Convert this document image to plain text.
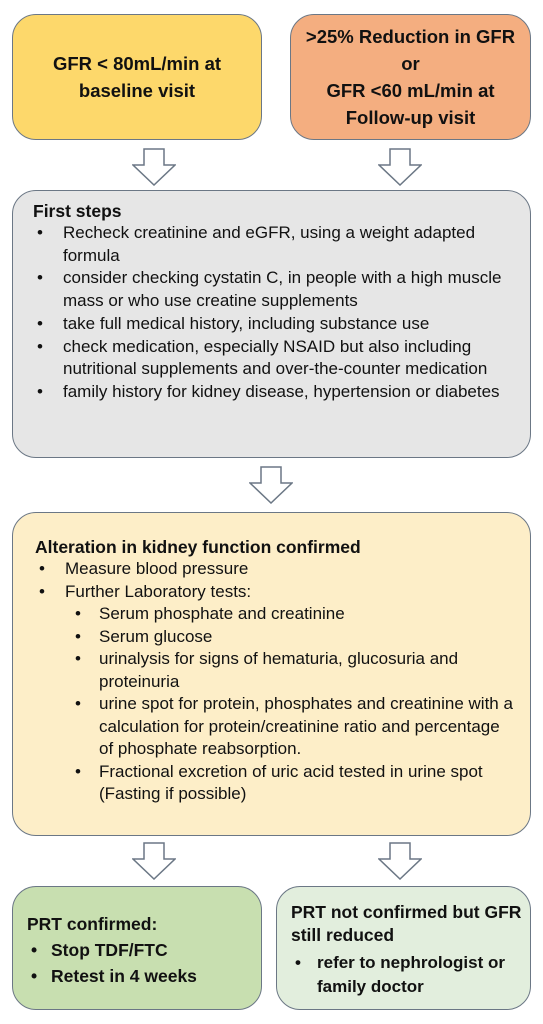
GFR < 80mL/min at
baseline visit
>25% Reduction in GFR or
GFR <60 mL/min at
Follow-up visit
First steps
• Recheck creatinine and eGFR, using a weight adapted formula
• consider checking cystatin C, in people with a high muscle mass or who use creatine supplements
• take full medical history, including substance use
• check medication, especially NSAID but also including nutritional supplements and over-the-counter medication
• family history for kidney disease, hypertension or diabetes
Alteration in kidney function confirmed
• Measure blood pressure
• Further Laboratory tests:
• Serum phosphate and creatinine
• Serum glucose
• urinalysis for signs of hematuria, glucosuria and proteinuria
• urine spot for protein, phosphates and creatinine with a calculation for protein/creatinine ratio and percentage of phosphate reabsorption.
• Fractional excretion of uric acid tested in urine spot (Fasting if possible)
PRT confirmed:
• Stop TDF/FTC
• Retest in 4 weeks
PRT not confirmed but GFR
still reduced
• refer to nephrologist or family doctor
